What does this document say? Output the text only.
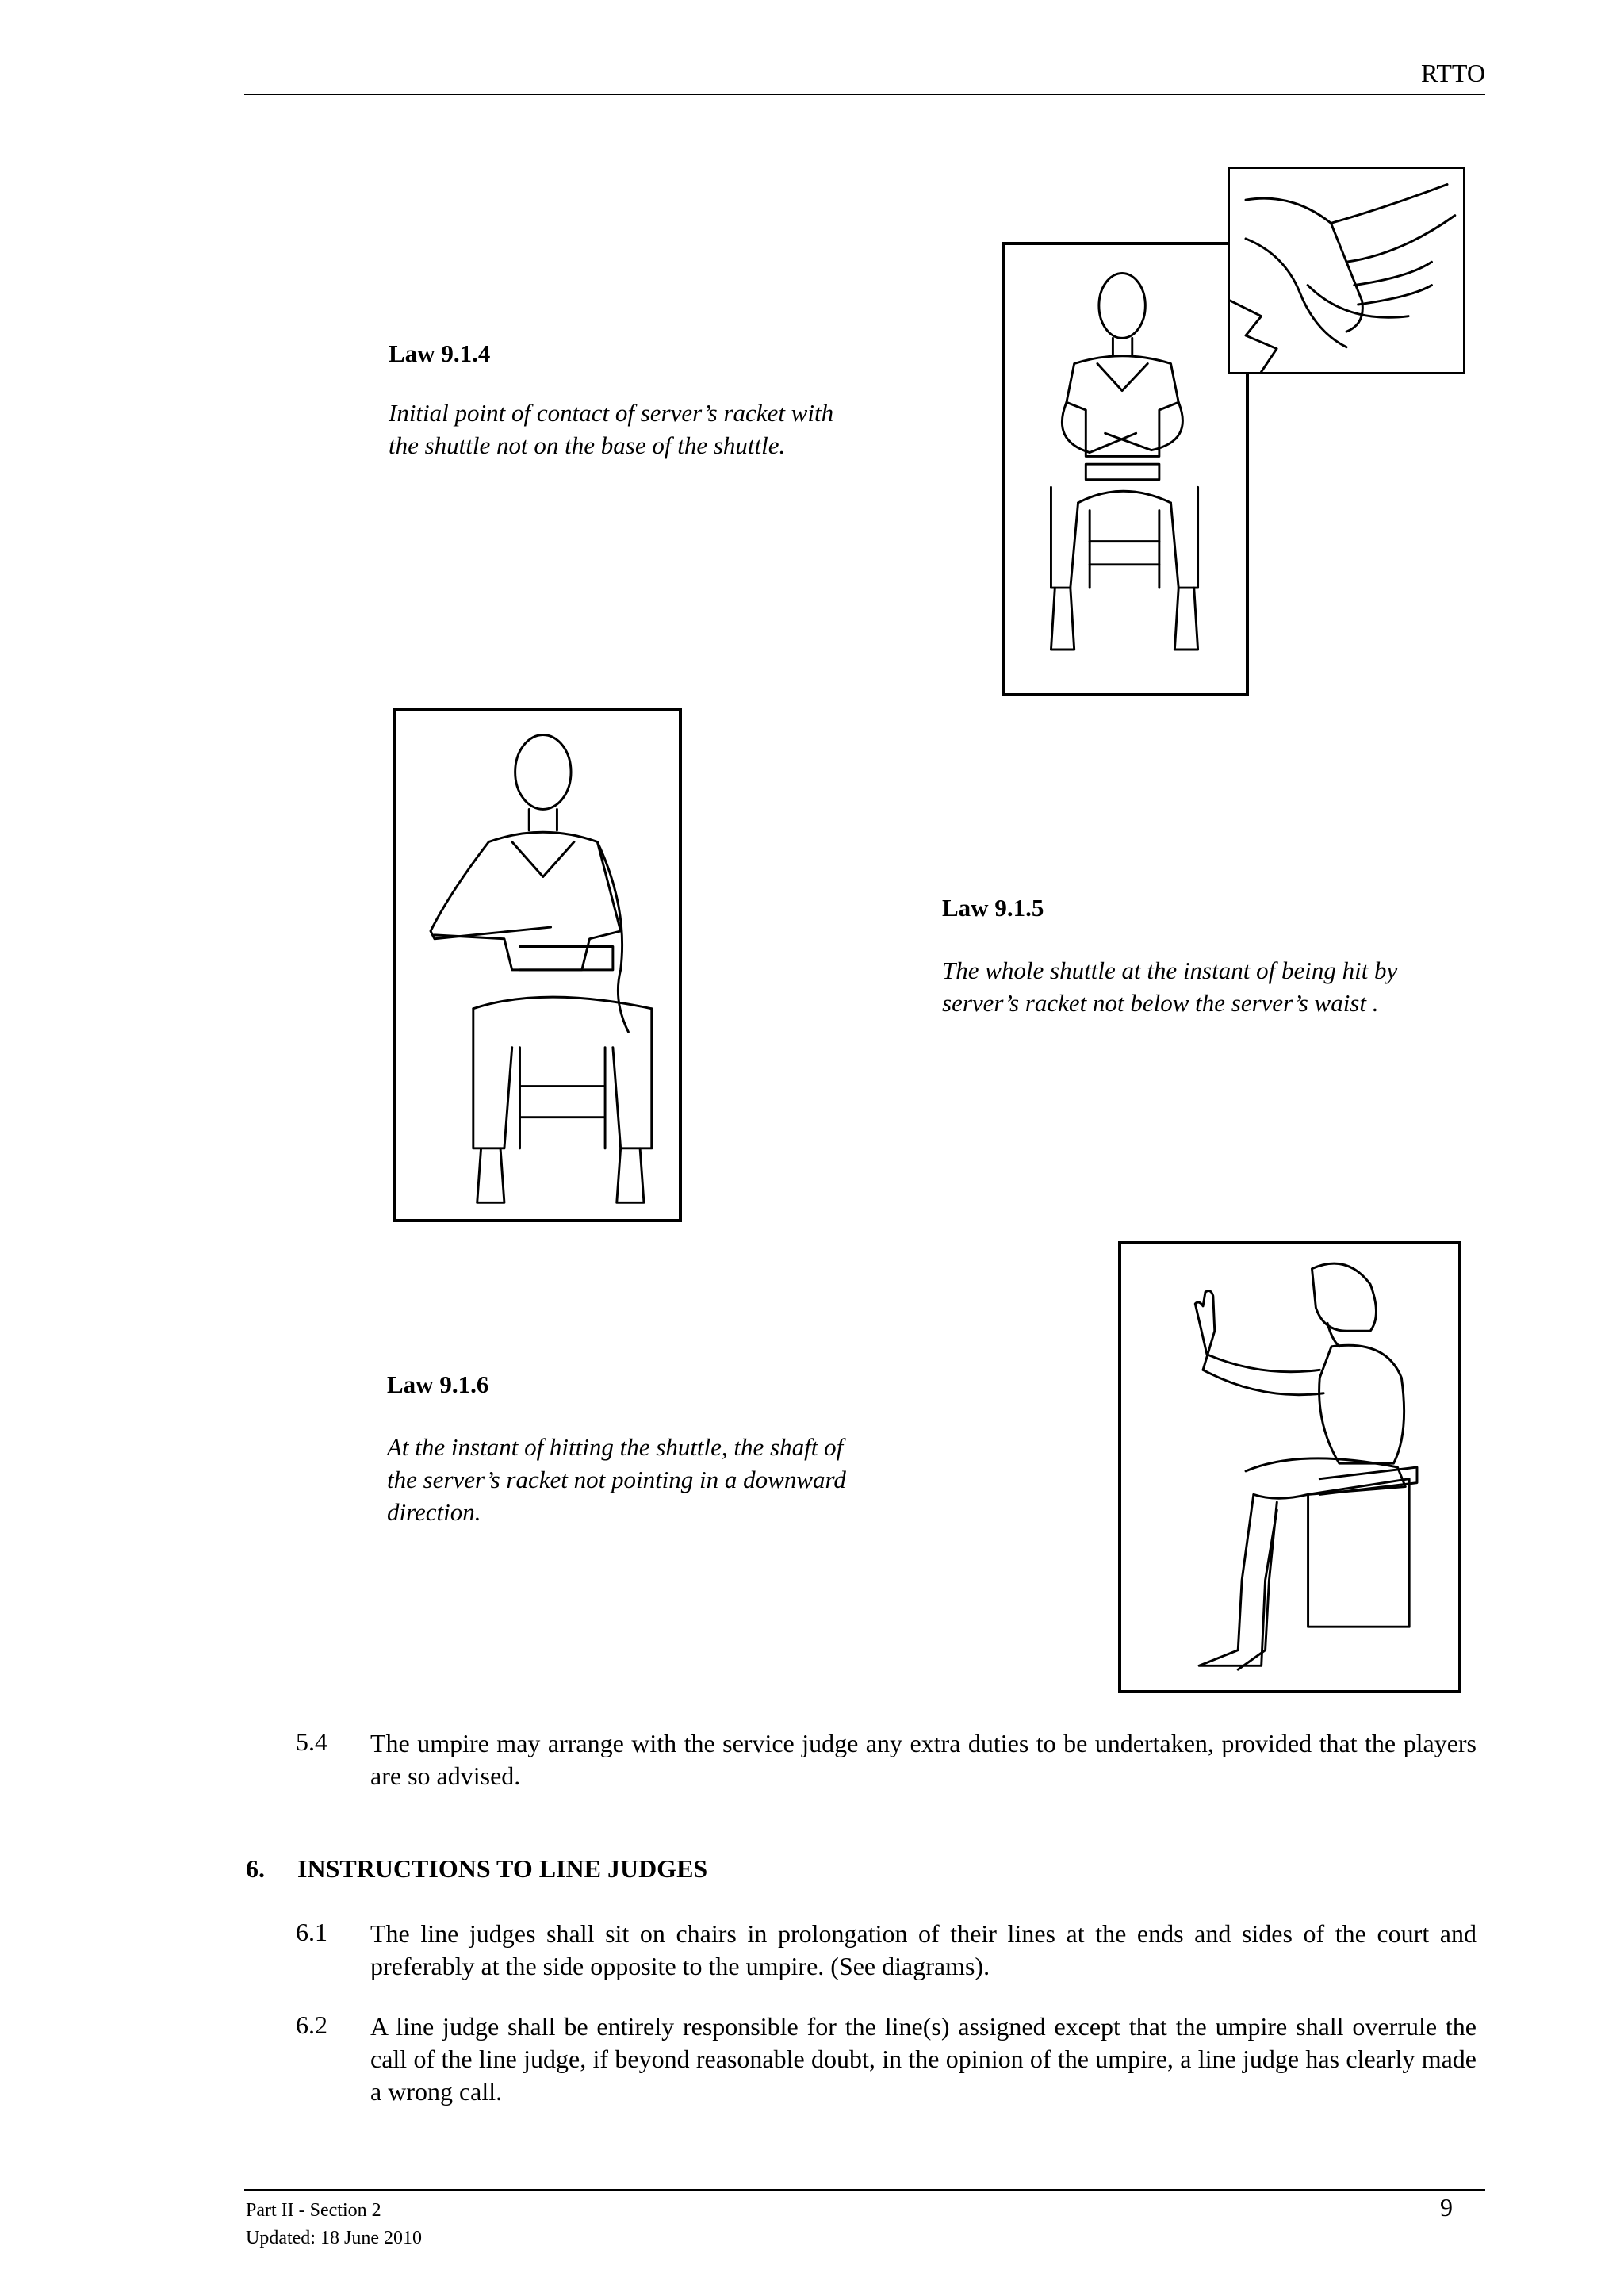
RTTO
Law 9.1.4
Initial point of contact of server’s racket with
the shuttle not on the base of the shuttle.
Law 9.1.5
The whole shuttle at the instant of being hit by
server’s racket not below the server’s waist .
Law 9.1.6
At the instant of hitting the shuttle, the shaft of
the server’s racket not pointing in a downward
direction.
5.4 The umpire may arrange with the service judge any extra duties to be undertaken, provided that the players are so advised.
6. INSTRUCTIONS TO LINE JUDGES
6.1 The line judges shall sit on chairs in prolongation of their lines at the ends and sides of the court and preferably at the side opposite to the umpire. (See diagrams).
6.2 A line judge shall be entirely responsible for the line(s) assigned except that the umpire shall overrule the call of the line judge, if beyond reasonable doubt, in the opinion of the umpire, a line judge has clearly made a wrong call.
Part II - Section 2
Updated: 18 June 2010
9
